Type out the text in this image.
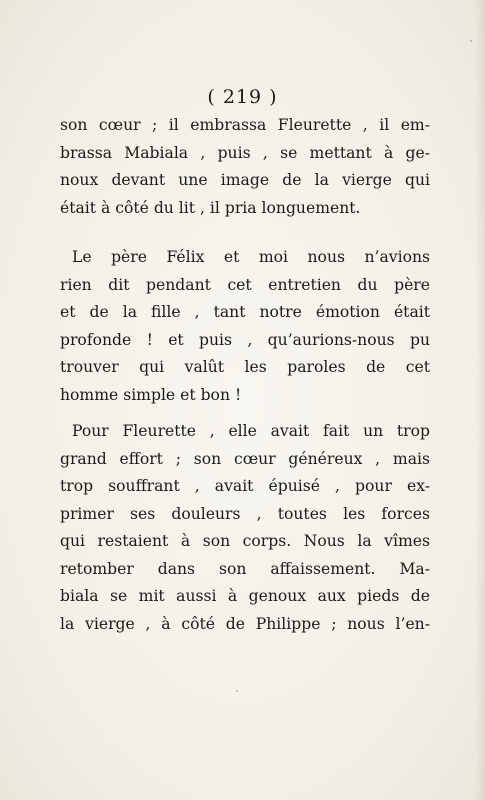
( 219 )
son cœur ; il embrassa Fleurette , il em-
brassa Mabiala , puis , se mettant à ge-
noux devant une image de la vierge qui
était à côté du lit , il pria longuement.
Le père Félix et moi nous n’avions
rien dit pendant cet entretien du père
et de la fille , tant notre émotion était
profonde ! et puis , qu’aurions-nous pu
trouver qui valût les paroles de cet
homme simple et bon !
Pour Fleurette , elle avait fait un trop
grand effort ; son cœur généreux , mais
trop souffrant , avait épuisé , pour ex-
primer ses douleurs , toutes les forces
qui restaient à son corps. Nous la vîmes
retomber dans son affaissement. Ma-
biala se mit aussi à genoux aux pieds de
la vierge , à côté de Philippe ; nous l’en-
